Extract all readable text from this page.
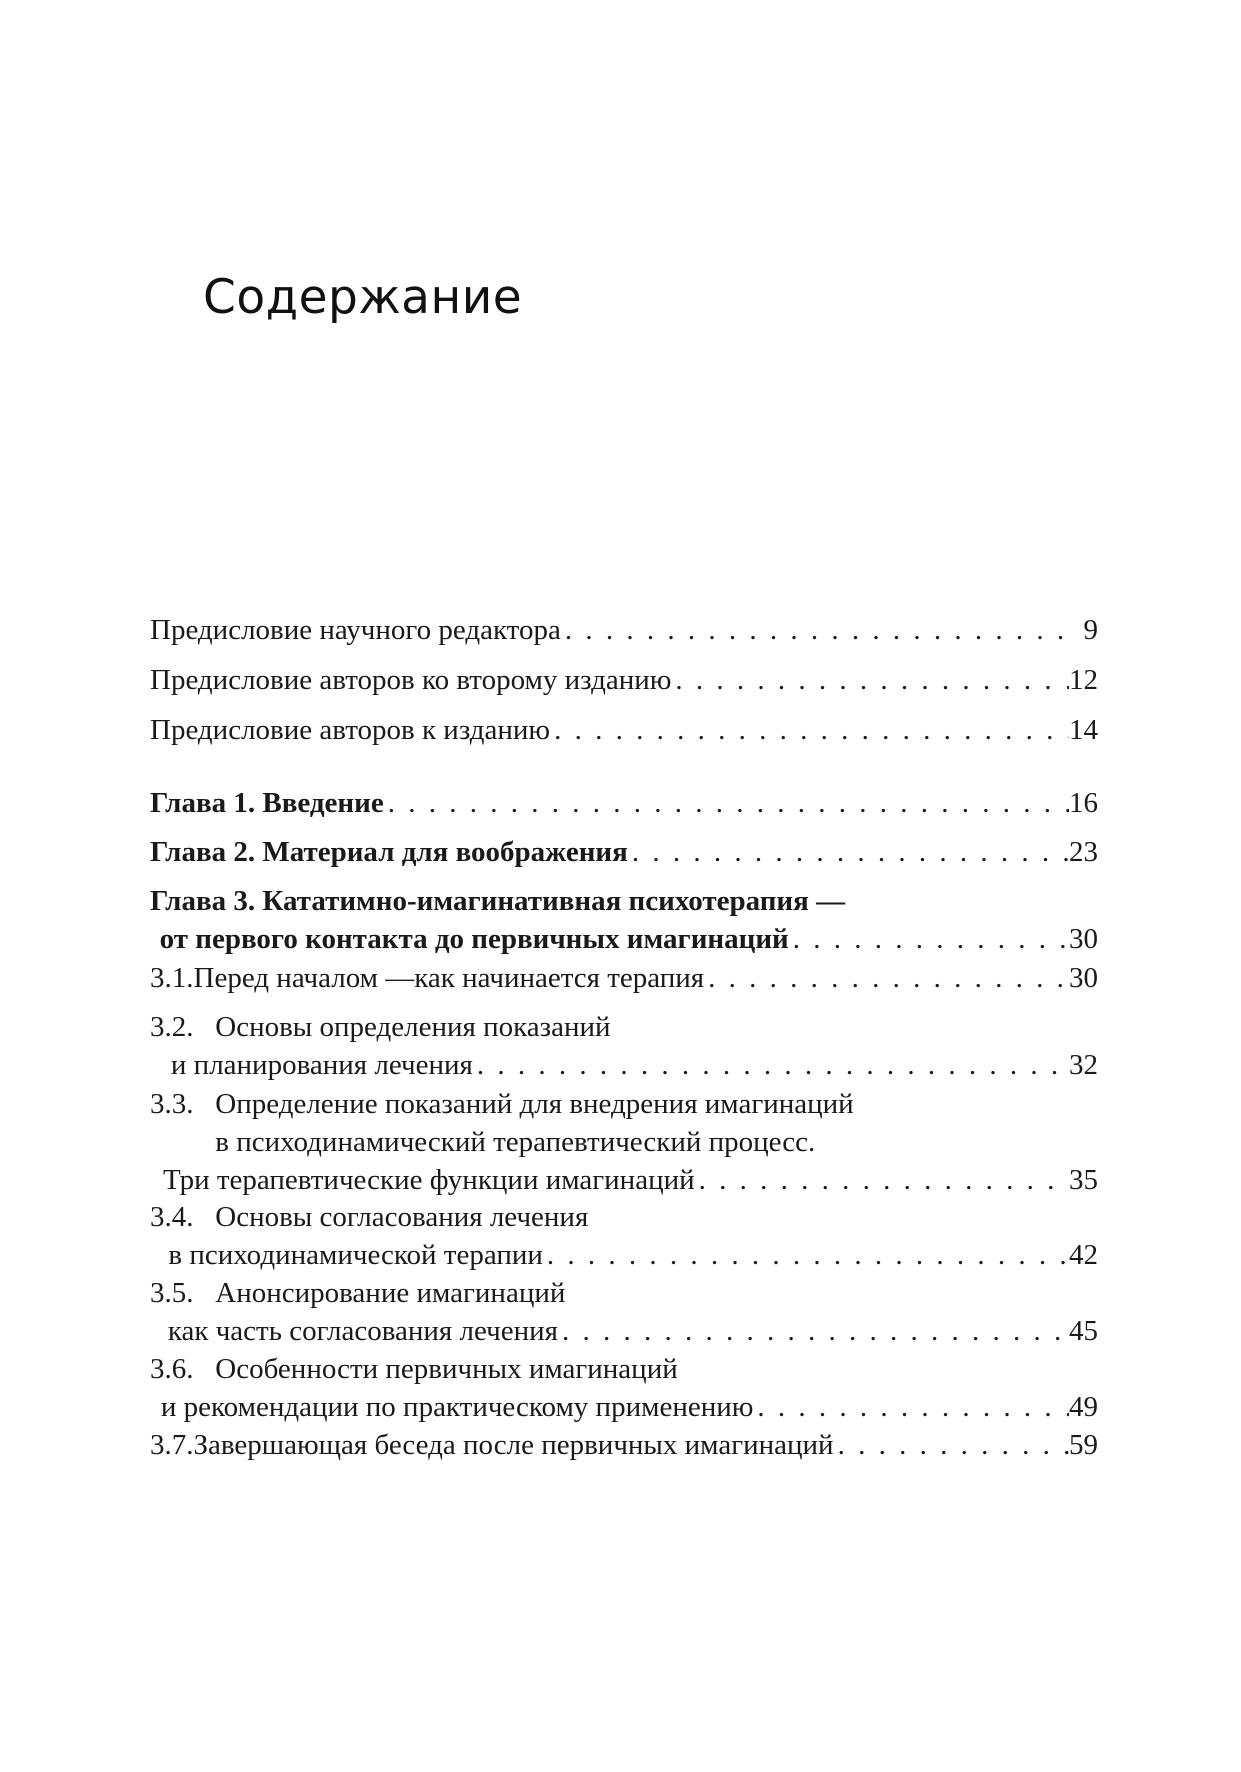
Содержание
Предисловие научного редактора . . .	9
Предисловие авторов ко второму изданию . . .	12
Предисловие авторов к изданию . . .	14
Глава 1. Введение . . .	16
Глава 2. Материал для воображения . . .	23
Глава 3. Кататимно-имагинативная психотерапия —
от первого контакта до первичных имагинаций . . .	30
3.1. Перед началом —как начинается терапия . . .	30
3.2. Основы определения показаний
и планирования лечения . . .	32
3.3. Определение показаний для внедрения имагинаций
в психодинамический терапевтический процесс.
Три терапевтические функции имагинаций . . .	35
3.4. Основы согласования лечения
в психодинамической терапии . . .	42
3.5. Анонсирование имагинаций
как часть согласования лечения . . .	45
3.6. Особенности первичных имагинаций
и рекомендации по практическому применению . . .	49
3.7. Завершающая беседа после первичных имагинаций . . .	59
